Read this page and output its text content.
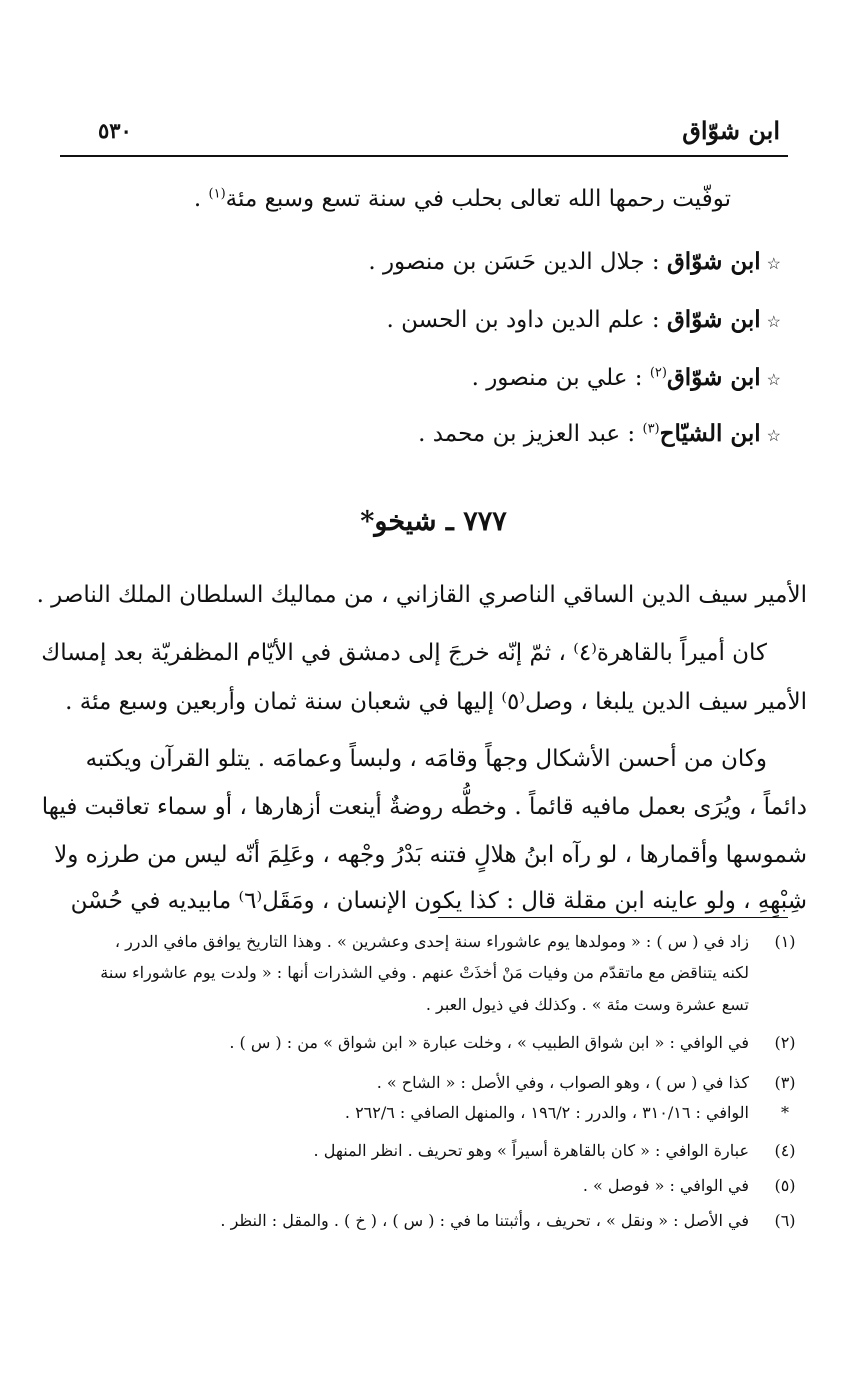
ابن شوّاق
٥٣٠
توفّيت رحمها الله تعالى بحلب في سنة تسع وسبع مئة$^{(١)}$ .
☆ابن شوّاق : جلال الدين حَسَن بن منصور .
☆ابن شوّاق : علم الدين داود بن الحسن .
☆ابن شوّاق$^{(٢)}$ : علي بن منصور .
☆ابن الشيّاح$^{(٣)}$ : عبد العزيز بن محمد .
٧٧٧ ـ شيخو*
الأمير سيف الدين الساقي الناصري القازاني ، من مماليك السلطان الملك الناصر .
كان أميراً بالقاهرة⁽٤⁾ ، ثمّ إنّه خرجَ إلى دمشق في الأيّام المظفريّة بعد إمساك
الأمير سيف الدين يلبغا ، وصل⁽٥⁾ إليها في شعبان سنة ثمان وأربعين وسبع مئة .
وكان من أحسن الأشكال وجهاً وقامَه ، ولبساً وعمامَه . يتلو القرآن ويكتبه
دائماً ، ويُرَى بعمل مافيه قائماً . وخطُّه روضةٌ أينعت أزهارها ، أو سماء تعاقبت فيها
شموسها وأقمارها ، لو رآه ابنُ هلالٍ فتنه بَدْرُ وجْهه ، وعَلِمَ أنّه ليس من طرزه ولا
شِبْهِهِ ، ولو عاينه ابن مقلة قال : كذا يكون الإنسان ، ومَقَل⁽٦⁾ مابيديه في حُسْن
(١)
زاد في ( س ) : « ومولدها يوم عاشوراء سنة إحدى وعشرين » . وهذا التاريخ يوافق مافي الدرر ،
لكنه يتناقض مع ماتقدّم من وفيات مَنْ أخذَتْ عنهم . وفي الشذرات أنها : « ولدت يوم عاشوراء سنة
تسع عشرة وست مئة » . وكذلك في ذيول العبر .
(٢)
في الوافي : « ابن شواق الطبيب » ، وخلت عبارة « ابن شواق » من : ( س ) .
(٣)
كذا في ( س ) ، وهو الصواب ، وفي الأصل : « الشاح » .
*
الوافي : ٣١٠/١٦ ، والدرر : ١٩٦/٢ ، والمنهل الصافي : ٢٦٢/٦ .
(٤)
عبارة الوافي : « كان بالقاهرة أسيراً » وهو تحريف . انظر المنهل .
(٥)
في الوافي : « فوصل » .
(٦)
في الأصل : « ونقل » ، تحريف ، وأثبتنا ما في : ( س ) ، ( خ ) . والمقل : النظر .
